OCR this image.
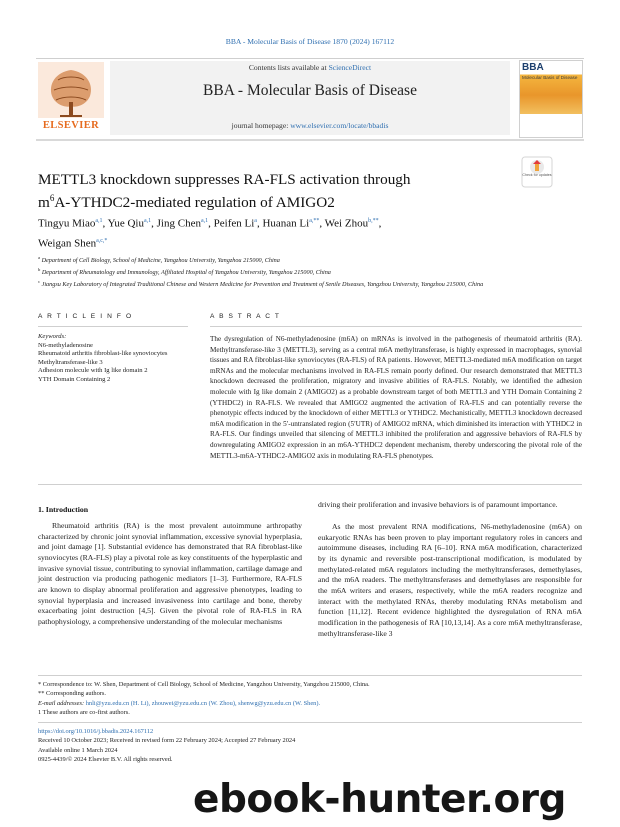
BBA - Molecular Basis of Disease 1870 (2024) 167112
ELSEVIER
Contents lists available at ScienceDirect
BBA - Molecular Basis of Disease
journal homepage: www.elsevier.com/locate/bbadis
BBA
Molecular Basis of Disease
METTL3 knockdown suppresses RA-FLS activation through
$m^6A-YTHDC2$-mediated regulation of AMIGO2
Check for updates
Tingyu Miao$^{a,1}$, Yue Qiu$^{a,1}$, Jing Chen$^{a,1}$, Peifen Li$^a$, Huanan $Li^{a,**}$, Wei Zhou$^{b,**}$,
Weigan Shen$^{a,c,*}$
$^a$ Department of Cell Biology, School of Medicine, Yangzhou University, Yangzhou 215000, China
$^b$ Department of Rheumatology and Immunology, Affiliated Hospital of Yangzhou University, Yangzhou 215000, China
$^c$ Jiangsu Key Laboratory of Integrated Traditional Chinese and Western Medicine for Prevention and Treatment of Senile Diseases, Yangzhou University, Yangzhou 215000, China
A R T I C L E I N F O	A B S T R A C T
Keywords:
N6-methyladenosine
Rheumatoid arthritis fibroblast-like synoviocytes
Methyltransferase-like 3
Adhesion molecule with Ig like domain 2
YTH Domain Containing 2
The dysregulation of N6-methyladenosine (m6A) on mRNAs is involved in the pathogenesis of rheumatoid arthritis (RA). Methyltransferase-like 3 (METTL3), serving as a central m6A methyltransferase, is highly expressed in macrophages, synovial tissues and RA fibroblast-like synoviocytes (RA-FLS) of RA patients. However, METTL3-mediated m6A modification on target mRNAs and the molecular mechanisms involved in RA-FLS remain poorly defined. Our research demonstrated that METTL3 knockdown decreased the proliferation, migratory and invasive abilities of RA-FLS. Notably, we identified the adhesion molecule with Ig like domain 2 (AMIGO2) as a probable downstream target of both METTL3 and YTH Domain Containing 2 (YTHDC2) in RA-FLS. We revealed that AMIGO2 augmented the activation of RA-FLS and can potentially reverse the phenotypic effects induced by the knockdown of either METTL3 or YTHDC2. Mechanistically, METTL3 knockdown decreased m6A modification in the 5′-untranslated region (5′UTR) of AMIGO2 mRNA, which diminished its interaction with YTHDC2 in RA-FLS. Our findings unveiled that silencing of METTL3 inhibited the proliferation and aggressive behaviors of RA-FLS by downregulating AMIGO2 expression in an m6A-YTHDC2 dependent mechanism, thereby underscoring the pivotal role of the METTL3-m6A-YTHDC2-AMIGO2 axis in modulating RA-FLS phenotypes.
1. Introduction
Rheumatoid arthritis (RA) is the most prevalent autoimmune arthropathy characterized by chronic joint synovial inflammation, excessive synovial hyperplasia, and joint damage [1]. Substantial evidence has demonstrated that RA fibroblast-like synoviocytes (RA-FLS) play a pivotal role as key constituents of the hyperplastic and invasive synovial tissue, contributing to synovial inflammation, cartilage damage and joint destruction via producing pathogenic mediators [1–3]. Furthermore, RA-FLS are known to display abnormal proliferation and aggressive phenotypes, leading to synovial hyperplasia and increased invasiveness into cartilage and bone, thereby exacerbating joint destruction [4,5]. Given the pivotal role of RA-FLS in RA pathophysiology, a comprehensive understanding of the molecular mechanisms
driving their proliferation and invasive behaviors is of paramount importance.
As the most prevalent RNA modifications, N6-methyladenosine (m6A) on eukaryotic RNAs has been proven to play important regulatory roles in cancers and autoimmune diseases, including RA [6–10]. RNA m6A modification, characterized by its dynamic and reversible post-transcriptional modification, is modulated by methylated-related m6A regulators including the methyltransferases, demethylases, and the m6A readers. The methyltransferases and demethylases are responsible for the m6A writers and erasers, respectively, while the m6A readers recognize and interact with the methylated RNAs, thereby modulating RNAs metabolism and function [11,12]. Recent evidence highlighted the dysregulation of RNA m6A modification in the pathogenesis of RA [10,13,14]. As a core m6A methyltransferase, methyltransferase-like 3
* Correspondence to: W. Shen, Department of Cell Biology, School of Medicine, Yangzhou University, Yangzhou 215000, China.
** Corresponding authors.
E-mail addresses: hnli@yzu.edu.cn (H. Li), zhouwei@yzu.edu.cn (W. Zhou), shenwg@yzu.edu.cn (W. Shen).
1 These authors are co-first authors.
https://doi.org/10.1016/j.bbadis.2024.167112
Received 10 October 2023; Received in revised form 22 February 2024; Accepted 27 February 2024
Available online 1 March 2024
0925-4439/© 2024 Elsevier B.V. All rights reserved.
ebook-hunter.org
